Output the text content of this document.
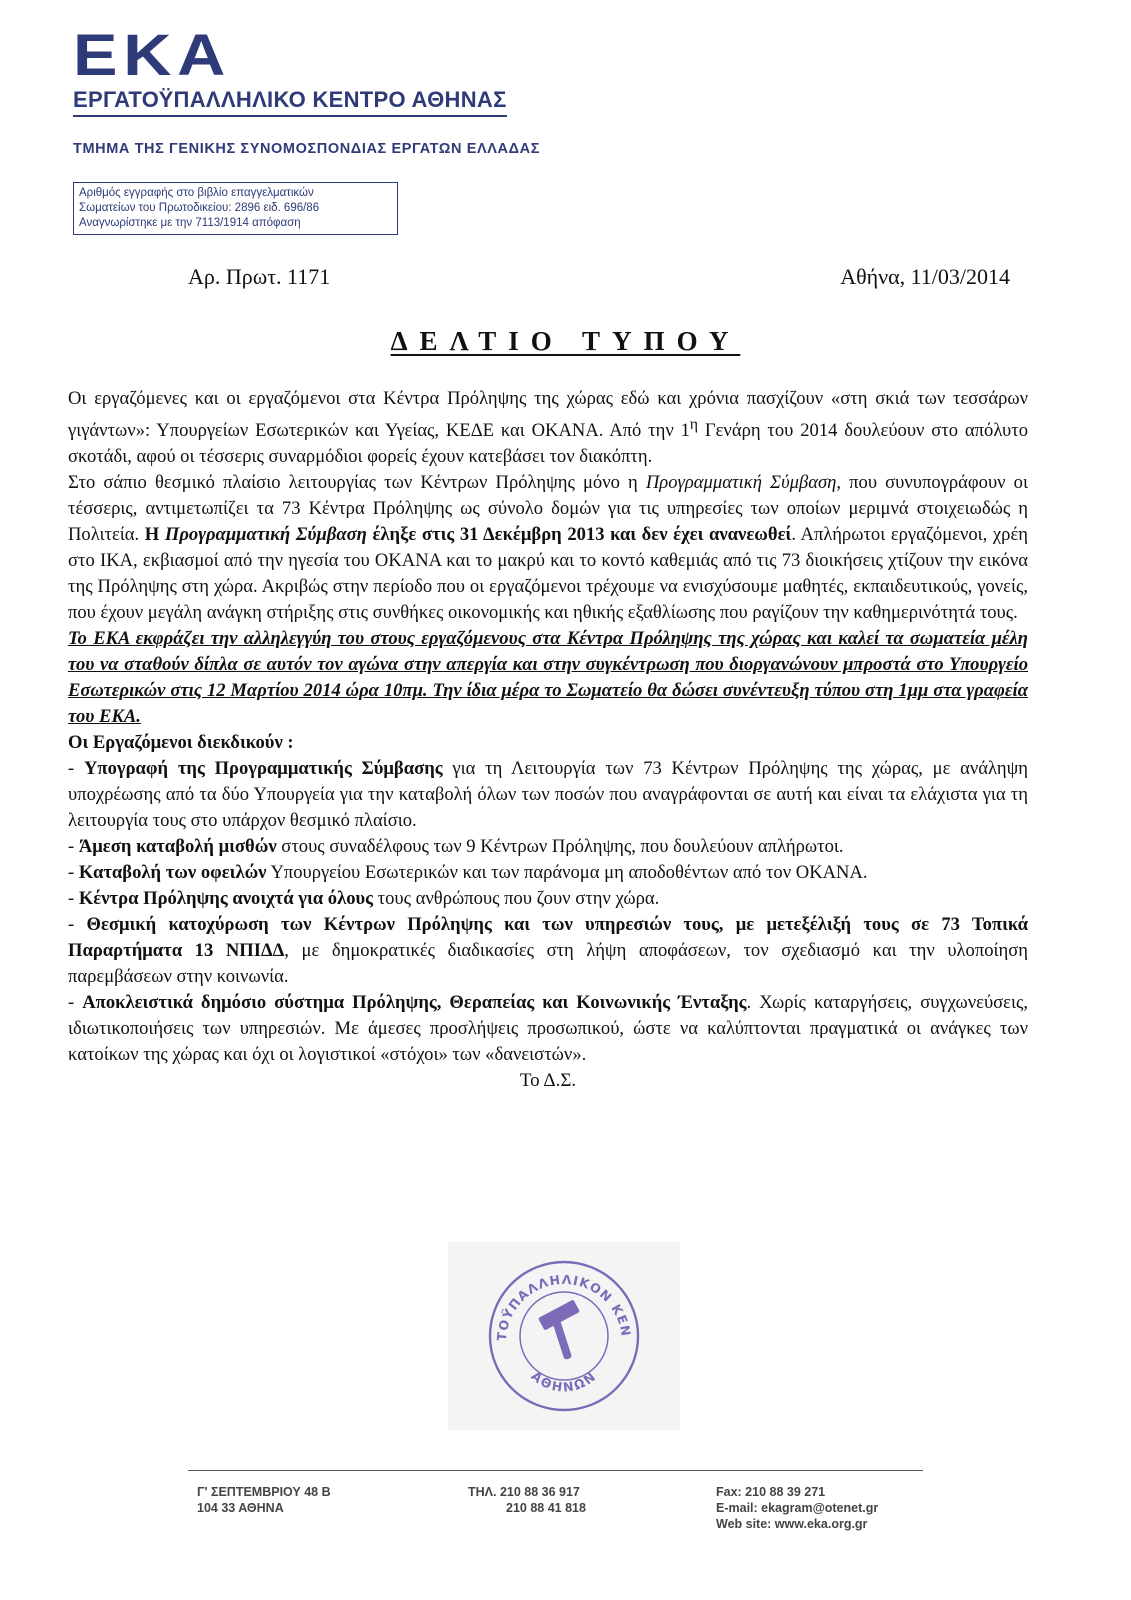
ΕΚΑ
ΕΡΓΑΤΟΫΠΑΛΛΗΛΙΚΟ ΚΕΝΤΡΟ ΑΘΗΝΑΣ
ΤΜΗΜΑ ΤΗΣ ΓΕΝΙΚΗΣ ΣΥΝΟΜΟΣΠΟΝΔΙΑΣ ΕΡΓΑΤΩΝ ΕΛΛΑΔΑΣ
Αριθμός εγγραφής στο βιβλίο επαγγελματικών
Σωματείων του Πρωτοδικείου: 2896 ειδ. 696/86
Αναγνωρίστηκε με την 7113/1914 απόφαση
Αρ. Πρωτ. 1171	Αθήνα, 11/03/2014
ΔΕΛΤΙΟ ΤΥΠΟΥ

Οι εργαζόμενες και οι εργαζόμενοι στα Κέντρα Πρόληψης της χώρας εδώ και χρόνια πασχίζουν «στη σκιά των τεσσάρων γιγάντων»: Υπουργείων Εσωτερικών και Υγείας, ΚΕΔΕ και ΟΚΑΝΑ. Από την $1^\eta$ Γενάρη του 2014 δουλεύουν στο απόλυτο σκοτάδι, αφού οι τέσσερις συναρμόδιοι φορείς έχουν κατεβάσει τον διακόπτη.

Στο σάπιο θεσμικό πλαίσιο λειτουργίας των Κέντρων Πρόληψης μόνο η Προγραμματική Σύμβαση, που συνυπογράφουν οι τέσσερις, αντιμετωπίζει τα 73 Κέντρα Πρόληψης ως σύνολο δομών για τις υπηρεσίες των οποίων μεριμνά στοιχειωδώς η Πολιτεία. Η Προγραμματική Σύμβαση έληξε στις 31 Δεκέμβρη 2013 και δεν έχει ανανεωθεί. Απλήρωτοι εργαζόμενοι, χρέη στο ΙΚΑ, εκβιασμοί από την ηγεσία του ΟΚΑΝΑ και το μακρύ και το κοντό καθεμιάς από τις 73 διοικήσεις χτίζουν την εικόνα της Πρόληψης στη χώρα. Ακριβώς στην περίοδο που οι εργαζόμενοι τρέχουμε να ενισχύσουμε μαθητές, εκπαιδευτικούς, γονείς, που έχουν μεγάλη ανάγκη στήριξης στις συνθήκες οικονομικής και ηθικής εξαθλίωσης που ραγίζουν την καθημερινότητά τους.

Το ΕΚΑ εκφράζει την αλληλεγγύη του στους εργαζόμενους στα Κέντρα Πρόληψης της χώρας και καλεί τα σωματεία μέλη του να σταθούν δίπλα σε αυτόν τον αγώνα στην απεργία και στην συγκέντρωση που διοργανώνουν μπροστά στο Υπουργείο Εσωτερικών στις 12 Μαρτίου 2014 ώρα 10πμ. Την ίδια μέρα το Σωματείο θα δώσει συνέντευξη τύπου στη 1μμ στα γραφεία του ΕΚΑ.

Οι Εργαζόμενοι διεκδικούν :

- Υπογραφή της Προγραμματικής Σύμβασης για τη Λειτουργία των 73 Κέντρων Πρόληψης της χώρας, με ανάληψη υποχρέωσης από τα δύο Υπουργεία για την καταβολή όλων των ποσών που αναγράφονται σε αυτή και είναι τα ελάχιστα για τη λειτουργία τους στο υπάρχον θεσμικό πλαίσιο.

- Άμεση καταβολή μισθών στους συναδέλφους των 9 Κέντρων Πρόληψης, που δουλεύουν απλήρωτοι.

- Καταβολή των οφειλών Υπουργείου Εσωτερικών και των παράνομα μη αποδοθέντων από τον ΟΚΑΝΑ.

- Κέντρα Πρόληψης ανοιχτά για όλους τους ανθρώπους που ζουν στην χώρα.

- Θεσμική κατοχύρωση των Κέντρων Πρόληψης και των υπηρεσιών τους, με μετεξέλιξή τους σε 73 Τοπικά Παραρτήματα 13 ΝΠΙΔΔ, με δημοκρατικές διαδικασίες στη λήψη αποφάσεων, τον σχεδιασμό και την υλοποίηση παρεμβάσεων στην κοινωνία.

- Αποκλειστικά δημόσιο σύστημα Πρόληψης, Θεραπείας και Κοινωνικής Ένταξης. Χωρίς καταργήσεις, συγχωνεύσεις, ιδιωτικοποιήσεις των υπηρεσιών. Με άμεσες προσλήψεις προσωπικού, ώστε να καλύπτονται πραγματικά οι ανάγκες των κατοίκων της χώρας και όχι οι λογιστικοί «στόχοι» των «δανειστών».

Το Δ.Σ.

ΤΟΫΠΑΛΛΗΛΙΚΟΝ ΚΕΝ
ΑΘΗΝΩΝ
Γ' ΣΕΠΤΕΜΒΡΙΟΥ 48 Β
104 33 ΑΘΗΝΑ
ΤΗΛ. 210 88 36 917
210 88 41 818
Fax: 210 88 39 271
E-mail: ekagram@otenet.gr
Web site: www.eka.org.gr
